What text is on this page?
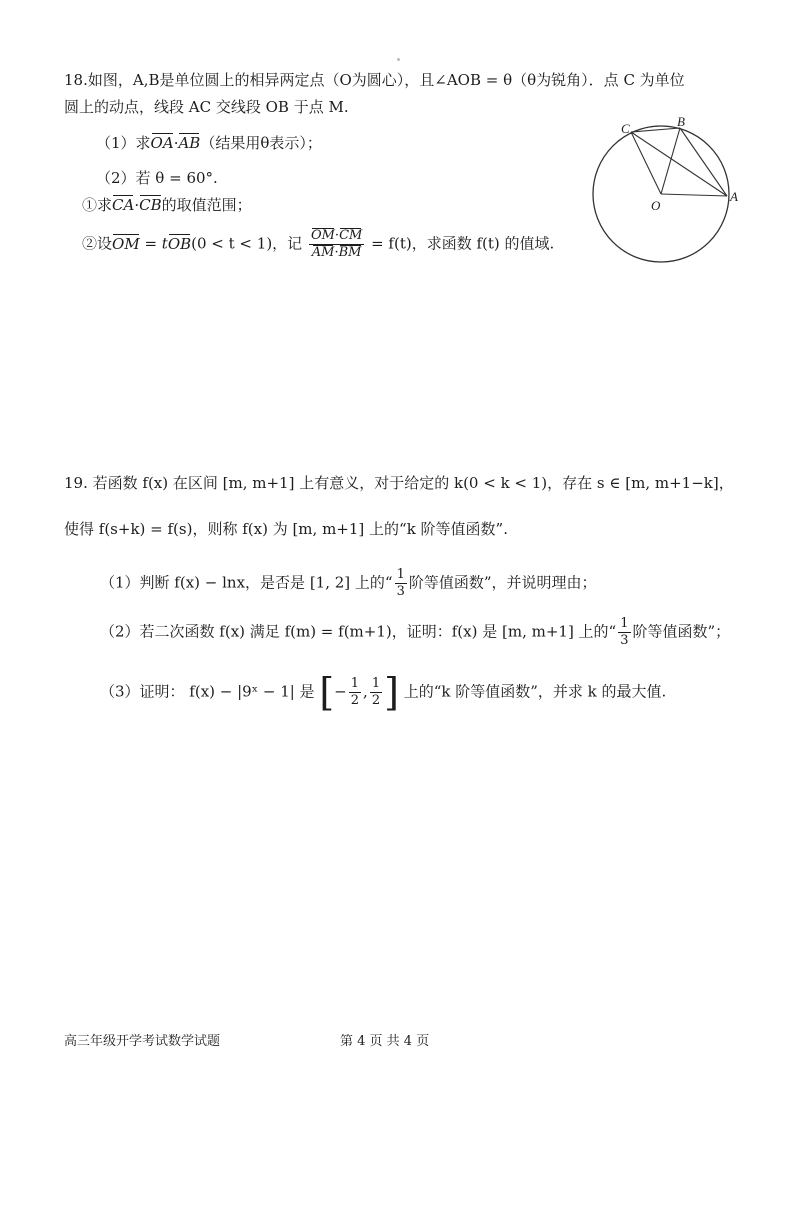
18.如图，A,B是单位圆上的相异两定点（O为圆心），且∠AOB = θ（θ为锐角）．点 C 为单位
圆上的动点，线段 AC 交线段 OB 于点 M.
（1）求OA·AB（结果用θ表示）；
（2）若 θ = 60°.
①求CA·CB的取值范围；
②设OM = tOB(0 < t < 1)，记 $\frac{OM\cdot CM}{AM\cdot BM} = f(t)$，求函数 f(t) 的值域.
C	B
O
A
19. 若函数 f(x) 在区间 [m, m+1] 上有意义，对于给定的 k(0 < k < 1)，存在 s ∈ [m, m+1−k]，
使得 f(s+k) = f(s)，则称 f(x) 为 [m, m+1] 上的“k 阶等值函数”.
（1）判断 f(x) − lnx，是否是 [1, 2] 上的“ $\frac{1}{3}$ 阶等值函数”，并说明理由；
（2）若二次函数 f(x) 满足 f(m) = f(m+1)，证明：f(x) 是 [m, m+1] 上的“ $\frac{1}{3}$ 阶等值函数”；
（3）证明： f(x) − |9ˣ − 1| 是 [− $\frac{1}{2}$ , $\frac{1}{2}$ ] 上的“k 阶等值函数”，并求 k 的最大值.
高三年级开学考试数学试题	第 4 页 共 4 页
